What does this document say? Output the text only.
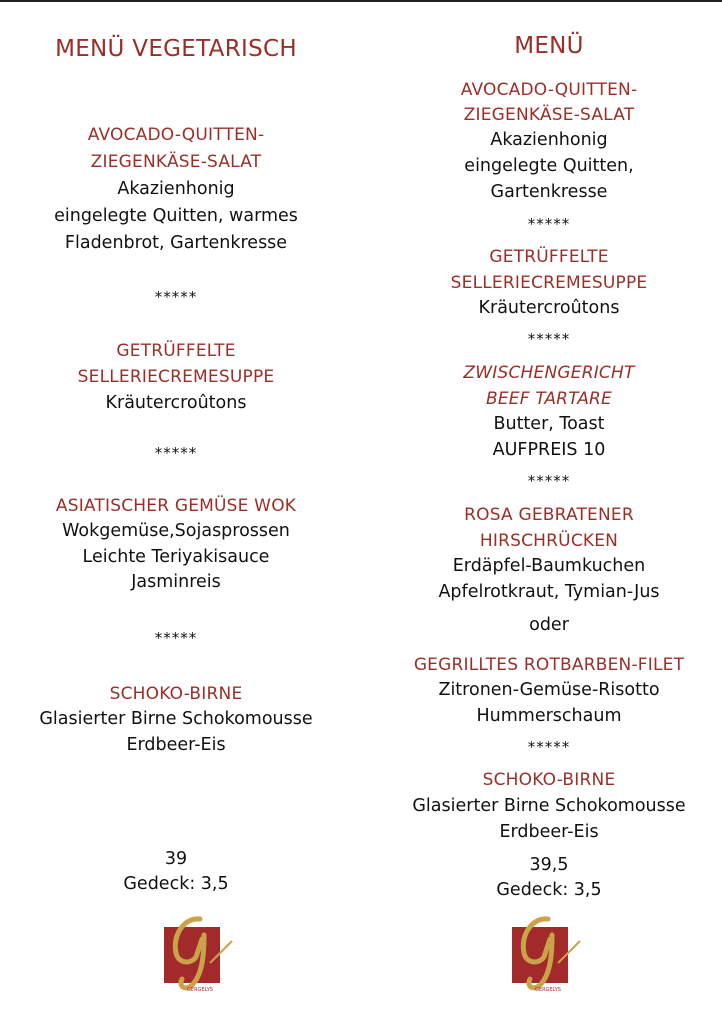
MENÜ VEGETARISCH
AVOCADO-QUITTEN-
ZIEGENKÄSE-SALAT
Akazienhonig
eingelegte Quitten, warmes
Fladenbrot, Gartenkresse
*****
GETRÜFFELTE
SELLERIECREMESUPPE
Kräutercroûtons
*****
ASIATISCHER GEMÜSE WOK
Wokgemüse,Sojasprossen
Leichte Teriyakisauce
Jasminreis
*****
SCHOKO-BIRNE
Glasierter Birne Schokomousse
Erdbeer-Eis
39
Gedeck: 3,5
GERGELYS
MENÜ
AVOCADO-QUITTEN-
ZIEGENKÄSE-SALAT
Akazienhonig
eingelegte Quitten,
Gartenkresse
*****
GETRÜFFELTE
SELLERIECREMESUPPE
Kräutercroûtons
*****
ZWISCHENGERICHT
BEEF TARTARE
Butter, Toast
AUFPREIS 10
*****
ROSA GEBRATENER
HIRSCHRÜCKEN
Erdäpfel-Baumkuchen
Apfelrotkraut, Tymian-Jus
oder
GEGRILLTES ROTBARBEN-FILET
Zitronen-Gemüse-Risotto
Hummerschaum
*****
SCHOKO-BIRNE
Glasierter Birne Schokomousse
Erdbeer-Eis
39,5
Gedeck: 3,5
GERGELYS
